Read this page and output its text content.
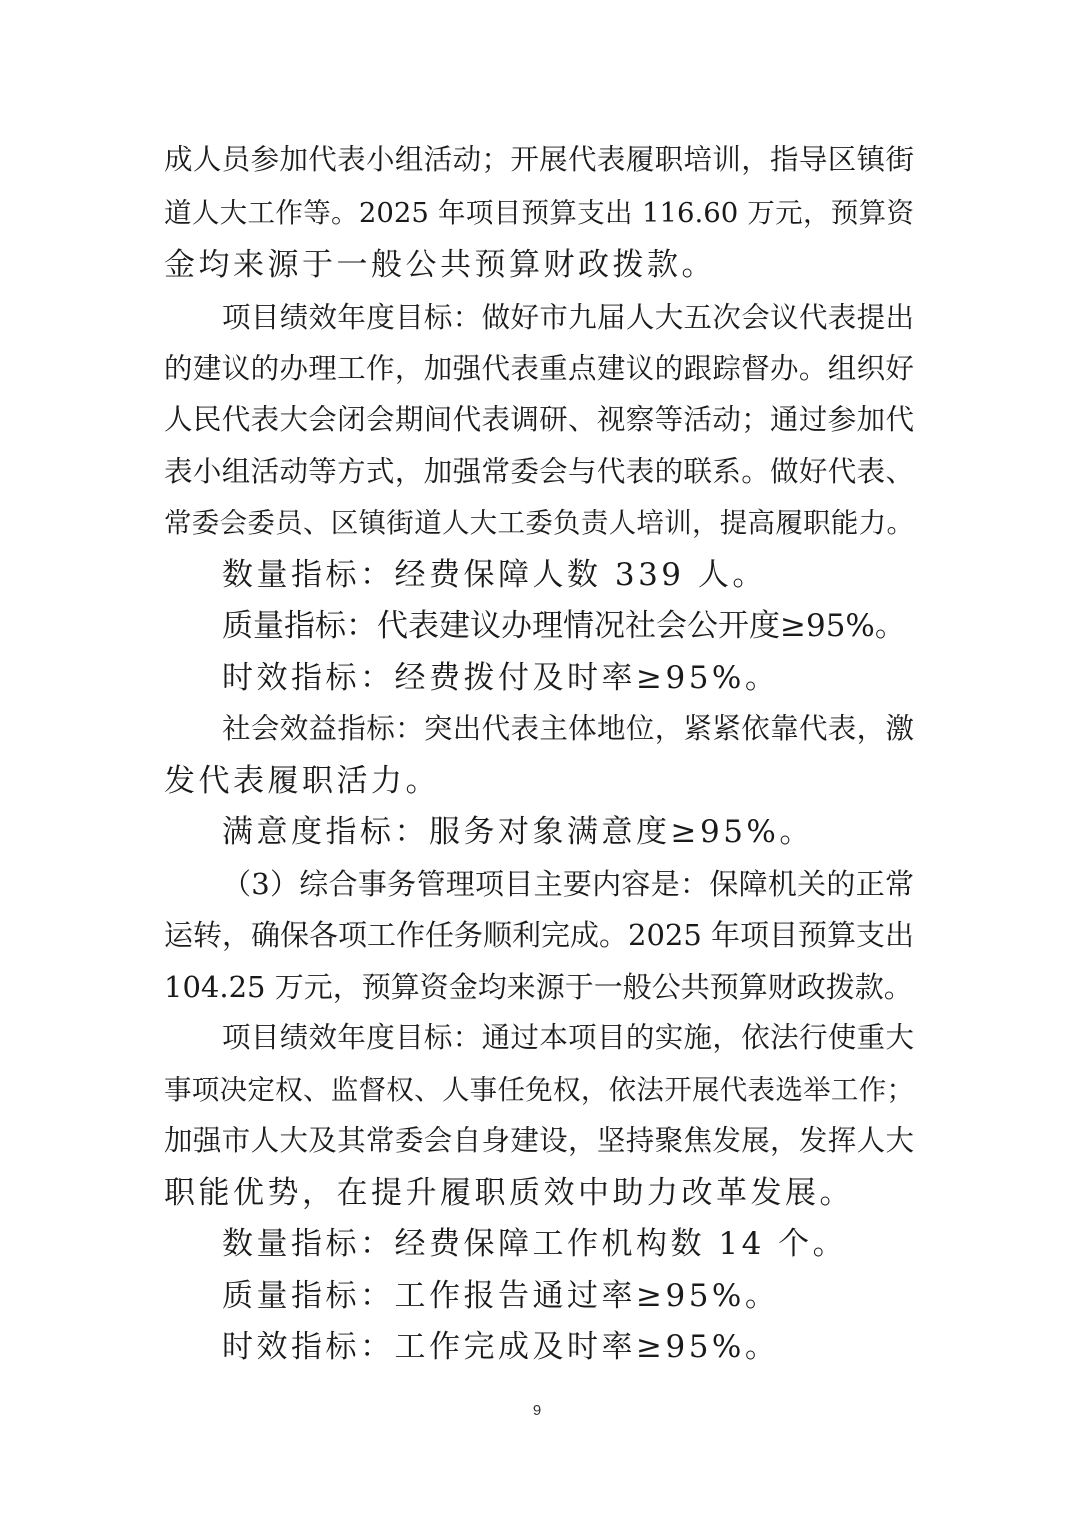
成人员参加代表小组活动；开展代表履职培训，指导区镇街
道人大工作等。2025 年项目预算支出 116.60 万元，预算资
金均来源于一般公共预算财政拨款。
项目绩效年度目标：做好市九届人大五次会议代表提出
的建议的办理工作，加强代表重点建议的跟踪督办。组织好
人民代表大会闭会期间代表调研、视察等活动；通过参加代
表小组活动等方式，加强常委会与代表的联系。做好代表、
常委会委员、区镇街道人大工委负责人培训，提高履职能力。
数量指标：经费保障人数 339 人。
质量指标：代表建议办理情况社会公开度≥95%。
时效指标：经费拨付及时率≥95%。
社会效益指标：突出代表主体地位，紧紧依靠代表，激
发代表履职活力。
满意度指标：服务对象满意度≥95%。
（3）综合事务管理项目主要内容是：保障机关的正常
运转，确保各项工作任务顺利完成。2025 年项目预算支出
104.25 万元，预算资金均来源于一般公共预算财政拨款。
项目绩效年度目标：通过本项目的实施，依法行使重大
事项决定权、监督权、人事任免权，依法开展代表选举工作；
加强市人大及其常委会自身建设，坚持聚焦发展，发挥人大
职能优势，在提升履职质效中助力改革发展。
数量指标：经费保障工作机构数 14 个。
质量指标：工作报告通过率≥95%。
时效指标：工作完成及时率≥95%。
9
